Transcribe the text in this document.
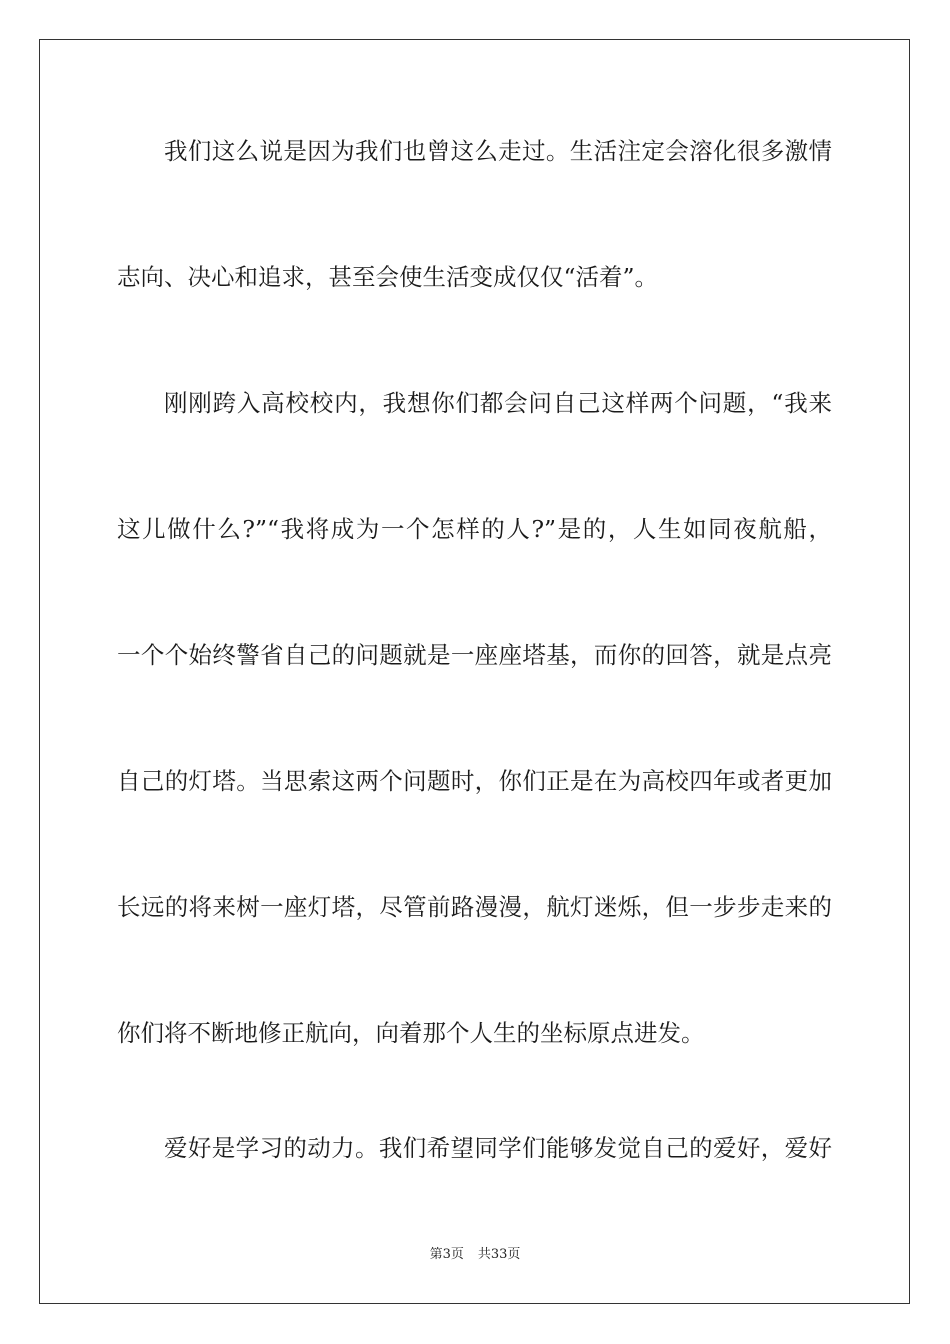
我们这么说是因为我们也曾这么走过。生活注定会溶化很多激情
志向、决心和追求，甚至会使生活变成仅仅“活着”。
刚刚跨入高校校内，我想你们都会问自己这样两个问题，“我来
这儿做什么?”“我将成为一个怎样的人?”是的，人生如同夜航船，
一个个始终警省自己的问题就是一座座塔基，而你的回答，就是点亮
自己的灯塔。当思索这两个问题时，你们正是在为高校四年或者更加
长远的将来树一座灯塔，尽管前路漫漫，航灯迷烁，但一步步走来的
你们将不断地修正航向，向着那个人生的坐标原点进发。
爱好是学习的动力。我们希望同学们能够发觉自己的爱好，爱好
第3页 共33页
